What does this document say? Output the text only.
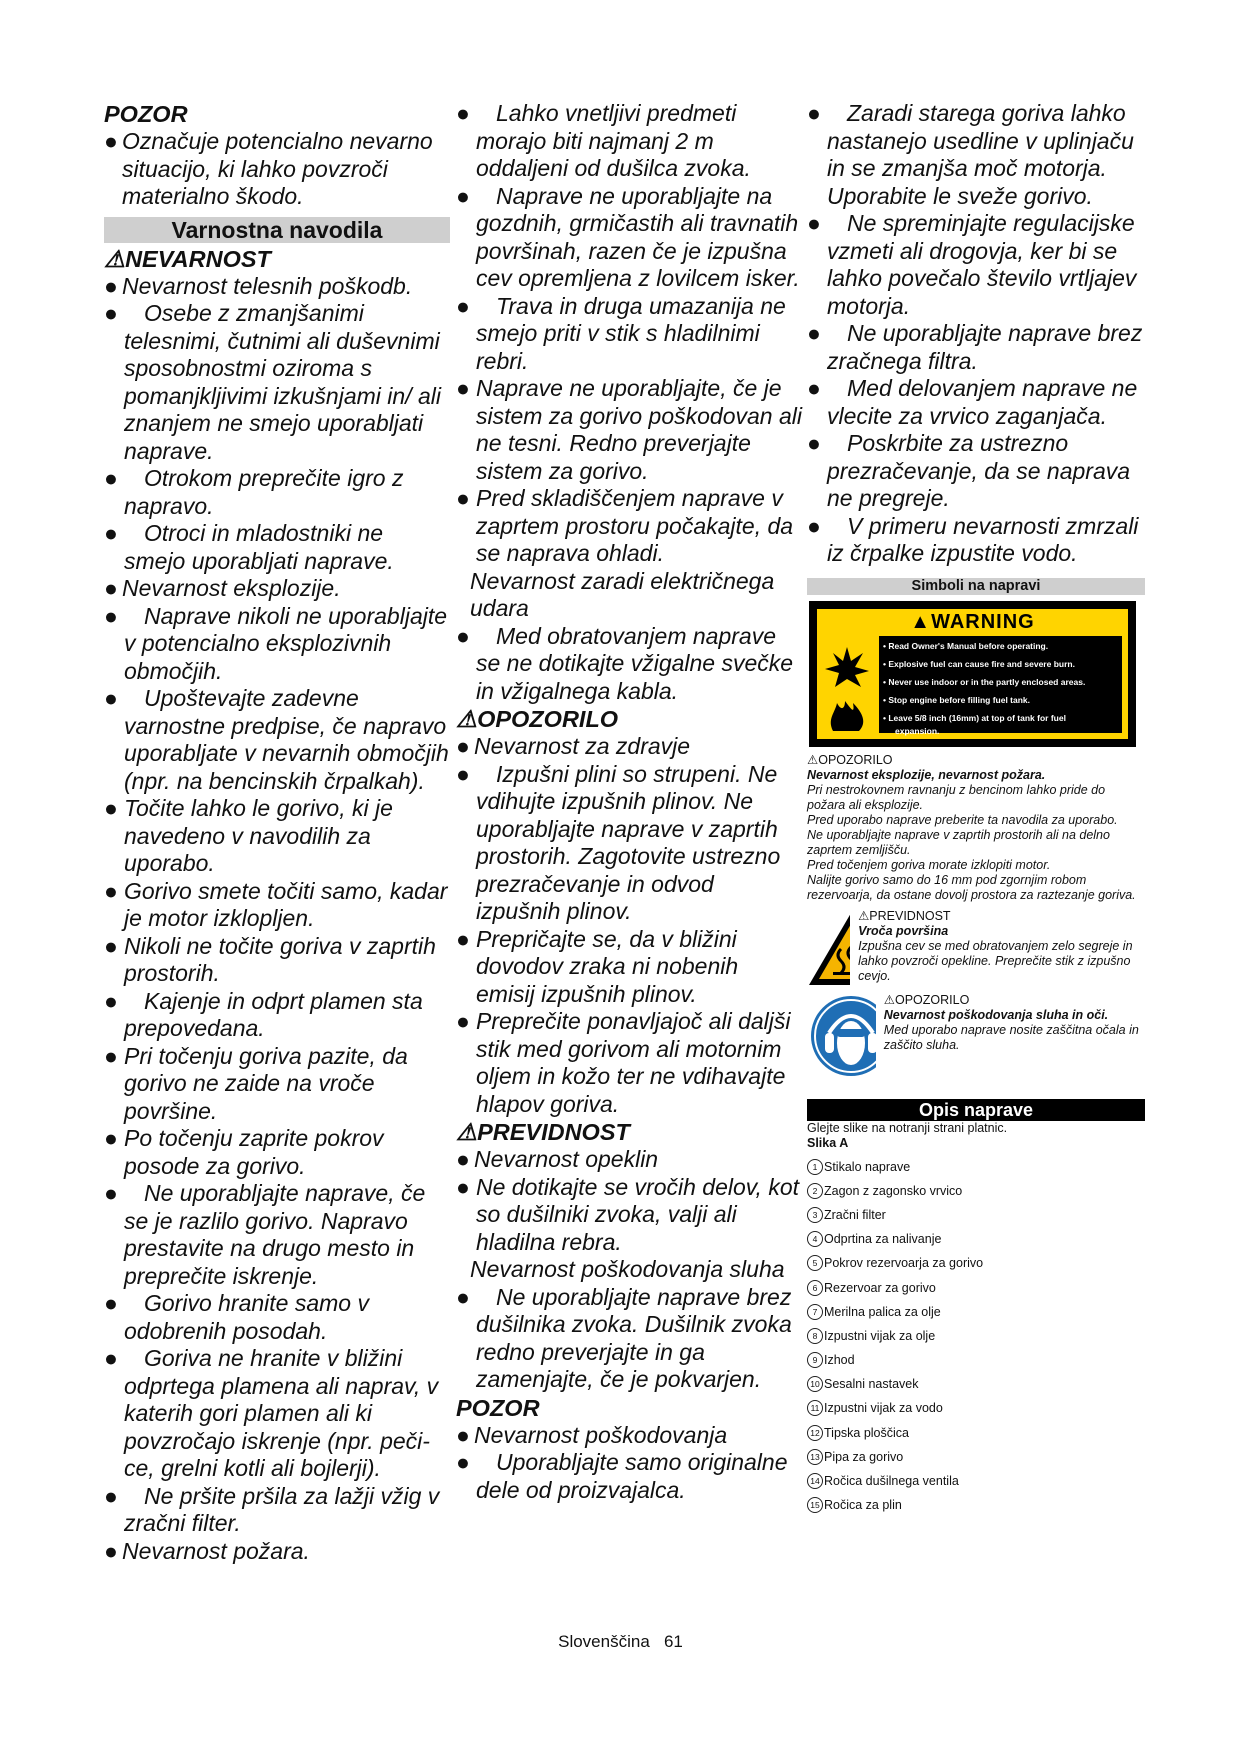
POZOR
● Označuje potencialno nevarno situacijo, ki lahko povzroči materialno škodo.
Varnostna navodila
⚠NEVARNOST
● Nevarnost telesnih poškodb.
●	Osebe z zmanjšanimi telesnimi, čutnimi ali duševnimi sposobnostmi oziroma s pomanjkljivimi izkušnjami in/ ali znanjem ne smejo uporabljati naprave.
●	Otrokom preprečite igro z napravo.
●	Otroci in mladostniki ne smejo uporabljati naprave.
● Nevarnost eksplozije.
●	Naprave nikoli ne uporabljajte v potencialno eksplozivnih območjih.
●	Upoštevajte zadevne varnostne predpise, če napravo uporabljate v nevarnih območjih (npr. na bencinskih črpalkah).
● Točite lahko le gorivo, ki je navedeno v navodilih za uporabo.
● Gorivo smete točiti samo, kadar je motor izklopljen.
● Nikoli ne točite goriva v zaprtih prostorih.
●	Kajenje in odprt plamen sta prepovedana.
● Pri točenju goriva pazite, da gorivo ne zaide na vroče površine.
● Po točenju zaprite pokrov posode za gorivo.
●	Ne uporabljajte naprave, če se je razlilo gorivo. Napravo prestavite na drugo mesto in preprečite iskrenje.
●	Gorivo hranite samo v odobrenih posodah.
●	Goriva ne hranite v bližini odprtega plamena ali naprav, v katerih gori plamen ali ki povzročajo iskrenje (npr. peči-ce, grelni kotli ali bojlerji).
●	Ne pršite pršila za lažji vžig v zračni filter.
● Nevarnost požara.
●	Lahko vnetljivi predmeti morajo biti najmanj 2 m oddaljeni od dušilca zvoka.
●	Naprave ne uporabljajte na gozdnih, grmičastih ali travnatih površinah, razen če je izpušna cev opremljena z lovilcem isker.
●	Trava in druga umazanija ne smejo priti v stik s hladilnimi rebri.
● Naprave ne uporabljajte, če je sistem za gorivo poškodovan ali ne tesni. Redno preverjajte sistem za gorivo.
● Pred skladiščenjem naprave v zaprtem prostoru počakajte, da se naprava ohladi.
Nevarnost zaradi električnega udara
●	Med obratovanjem naprave se ne dotikajte vžigalne svečke in vžigalnega kabla.
⚠OPOZORILO
● Nevarnost za zdravje
●	Izpušni plini so strupeni. Ne vdihujte izpušnih plinov. Ne uporabljajte naprave v zaprtih prostorih. Zagotovite ustrezno prezračevanje in odvod izpušnih plinov.
● Prepričajte se, da v bližini dovodov zraka ni nobenih emisij izpušnih plinov.
● Preprečite ponavljajoč ali daljši stik med gorivom ali motornim oljem in kožo ter ne vdihavajte hlapov goriva.
⚠PREVIDNOST
● Nevarnost opeklin
● Ne dotikajte se vročih delov, kot so dušilniki zvoka, valji ali hladilna rebra.
Nevarnost poškodovanja sluha
●	Ne uporabljajte naprave brez dušilnika zvoka. Dušilnik zvoka redno preverjajte in ga zamenjajte, če je pokvarjen.
POZOR
● Nevarnost poškodovanja
●	Uporabljajte samo originalne dele od proizvajalca.
●	Zaradi starega goriva lahko nastanejo usedline v uplinjaču in se zmanjša moč motorja. Uporabite le sveže gorivo.
●	Ne spreminjajte regulacijske vzmeti ali drogovja, ker bi se lahko povečalo število vrtljajev motorja.
●	Ne uporabljajte naprave brez zračnega filtra.
●	Med delovanjem naprave ne vlecite za vrvico zaganjača.
●	Poskrbite za ustrezno prezračevanje, da se naprava ne pregreje.
●	V primeru nevarnosti zmrzali iz črpalke izpustite vodo.
Simboli na napravi
▲WARNING
• Read Owner's Manual before operating.
• Explosive fuel can cause fire and severe burn.
• Never use indoor or in the partly enclosed areas.
• Stop engine before filling fuel tank.
• Leave 5/8 inch (16mm) at top of tank for fuel
expansion.
⚠OPOZORILO
Nevarnost eksplozije, nevarnost požara.
Pri nestrokovnem ravnanju z bencinom lahko pride do požara ali eksplozije.
Pred uporabo naprave preberite ta navodila za uporabo.
Ne uporabljajte naprave v zaprtih prostorih ali na delno zaprtem zemljišču.
Pred točenjem goriva morate izklopiti motor.
Nalijte gorivo samo do 16 mm pod zgornjim robom rezervoarja, da ostane dovolj prostora za raztezanje goriva.
⚠PREVIDNOST
Vroča površina
Izpušna cev se med obratovanjem zelo segreje in lahko povzroči opekline. Preprečite stik z izpušno cevjo.
⚠OPOZORILO
Nevarnost poškodovanja sluha in oči.
Med uporabo naprave nosite zaščitna očala in zaščito sluha.
Opis naprave
Glejte slike na notranji strani platnic.
Slika A
1 Stikalo naprave
2 Zagon z zagonsko vrvico
3 Zračni filter
4 Odprtina za nalivanje
5 Pokrov rezervoarja za gorivo
6 Rezervoar za gorivo
7 Merilna palica za olje
8 Izpustni vijak za olje
9 Izhod
10 Sesalni nastavek
11 Izpustni vijak za vodo
12 Tipska ploščica
13 Pipa za gorivo
14 Ročica dušilnega ventila
15 Ročica za plin
Slovenščina 61
